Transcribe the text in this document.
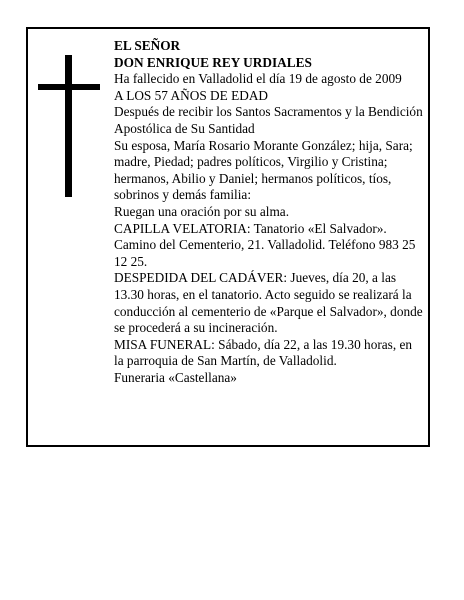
EL SEÑOR

DON ENRIQUE REY URDIALES

Ha fallecido en Valladolid el día 19 de agosto de 2009

A LOS 57 AÑOS DE EDAD

Después de recibir los Santos Sacramentos y la Bendición Apostólica de Su Santidad

Su esposa, María Rosario Morante González; hija, Sara; madre, Piedad; padres políticos, Virgilio y Cristina; hermanos, Abilio y Daniel; hermanos políticos, tíos, sobrinos y demás familia:

Ruegan una oración por su alma.

CAPILLA VELATORIA: Tanatorio «El Salvador». Camino del Cementerio, 21. Valladolid. Teléfono 983 25 12 25.

DESPEDIDA DEL CADÁVER: Jueves, día 20, a las 13.30 horas, en el tanatorio. Acto seguido se realizará la conducción al cementerio de «Parque el Salvador», donde se procederá a su incineración.

MISA FUNERAL: Sábado, día 22, a las 19.30 horas, en la parroquia de San Martín, de Valladolid.

Funeraria «Castellana»
